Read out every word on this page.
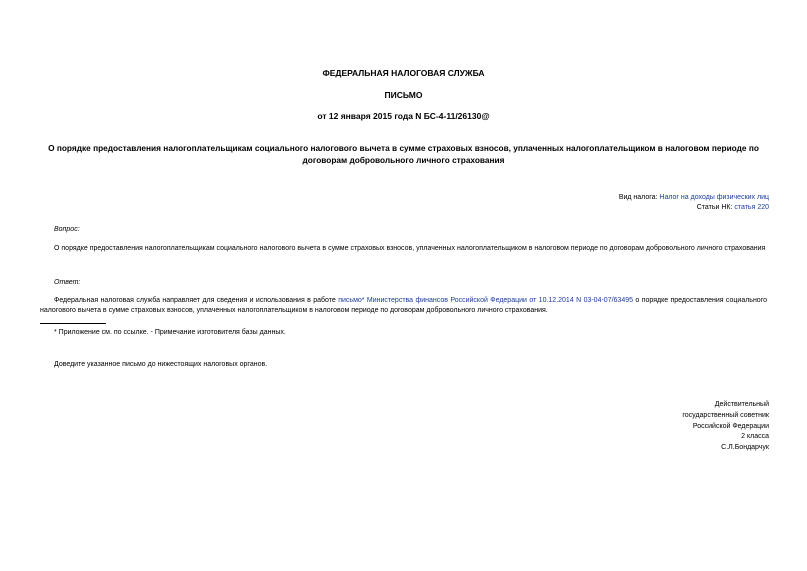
ФЕДЕРАЛЬНАЯ НАЛОГОВАЯ СЛУЖБА
ПИСЬМО
от 12 января 2015 года N БС-4-11/26130@
О порядке предоставления налогоплательщикам социального налогового вычета в сумме страховых взносов, уплаченных налогоплательщиком в налоговом периоде по договорам добровольного личного страхования
Вид налога: Налог на доходы физических лиц
Статьи НК: статья 220
Вопрос:
О порядке предоставления налогоплательщикам социального налогового вычета в сумме страховых взносов, уплаченных налогоплательщиком в налоговом периоде по договорам добровольного личного страхования
Ответ:
Федеральная налоговая служба направляет для сведения и использования в работе письмо* Министерства финансов Российской Федерации от 10.12.2014 N 03-04-07/63495 о порядке предоставления социального налогового вычета в сумме страховых взносов, уплаченных налогоплательщиком в налоговом периоде по договорам добровольного личного страхования.
* Приложение см. по ссылке. - Примечание изготовителя базы данных.
Доведите указанное письмо до нижестоящих налоговых органов.
Действительный
государственный советник
Российской Федерации
2 класса
С.Л.Бондарчук
